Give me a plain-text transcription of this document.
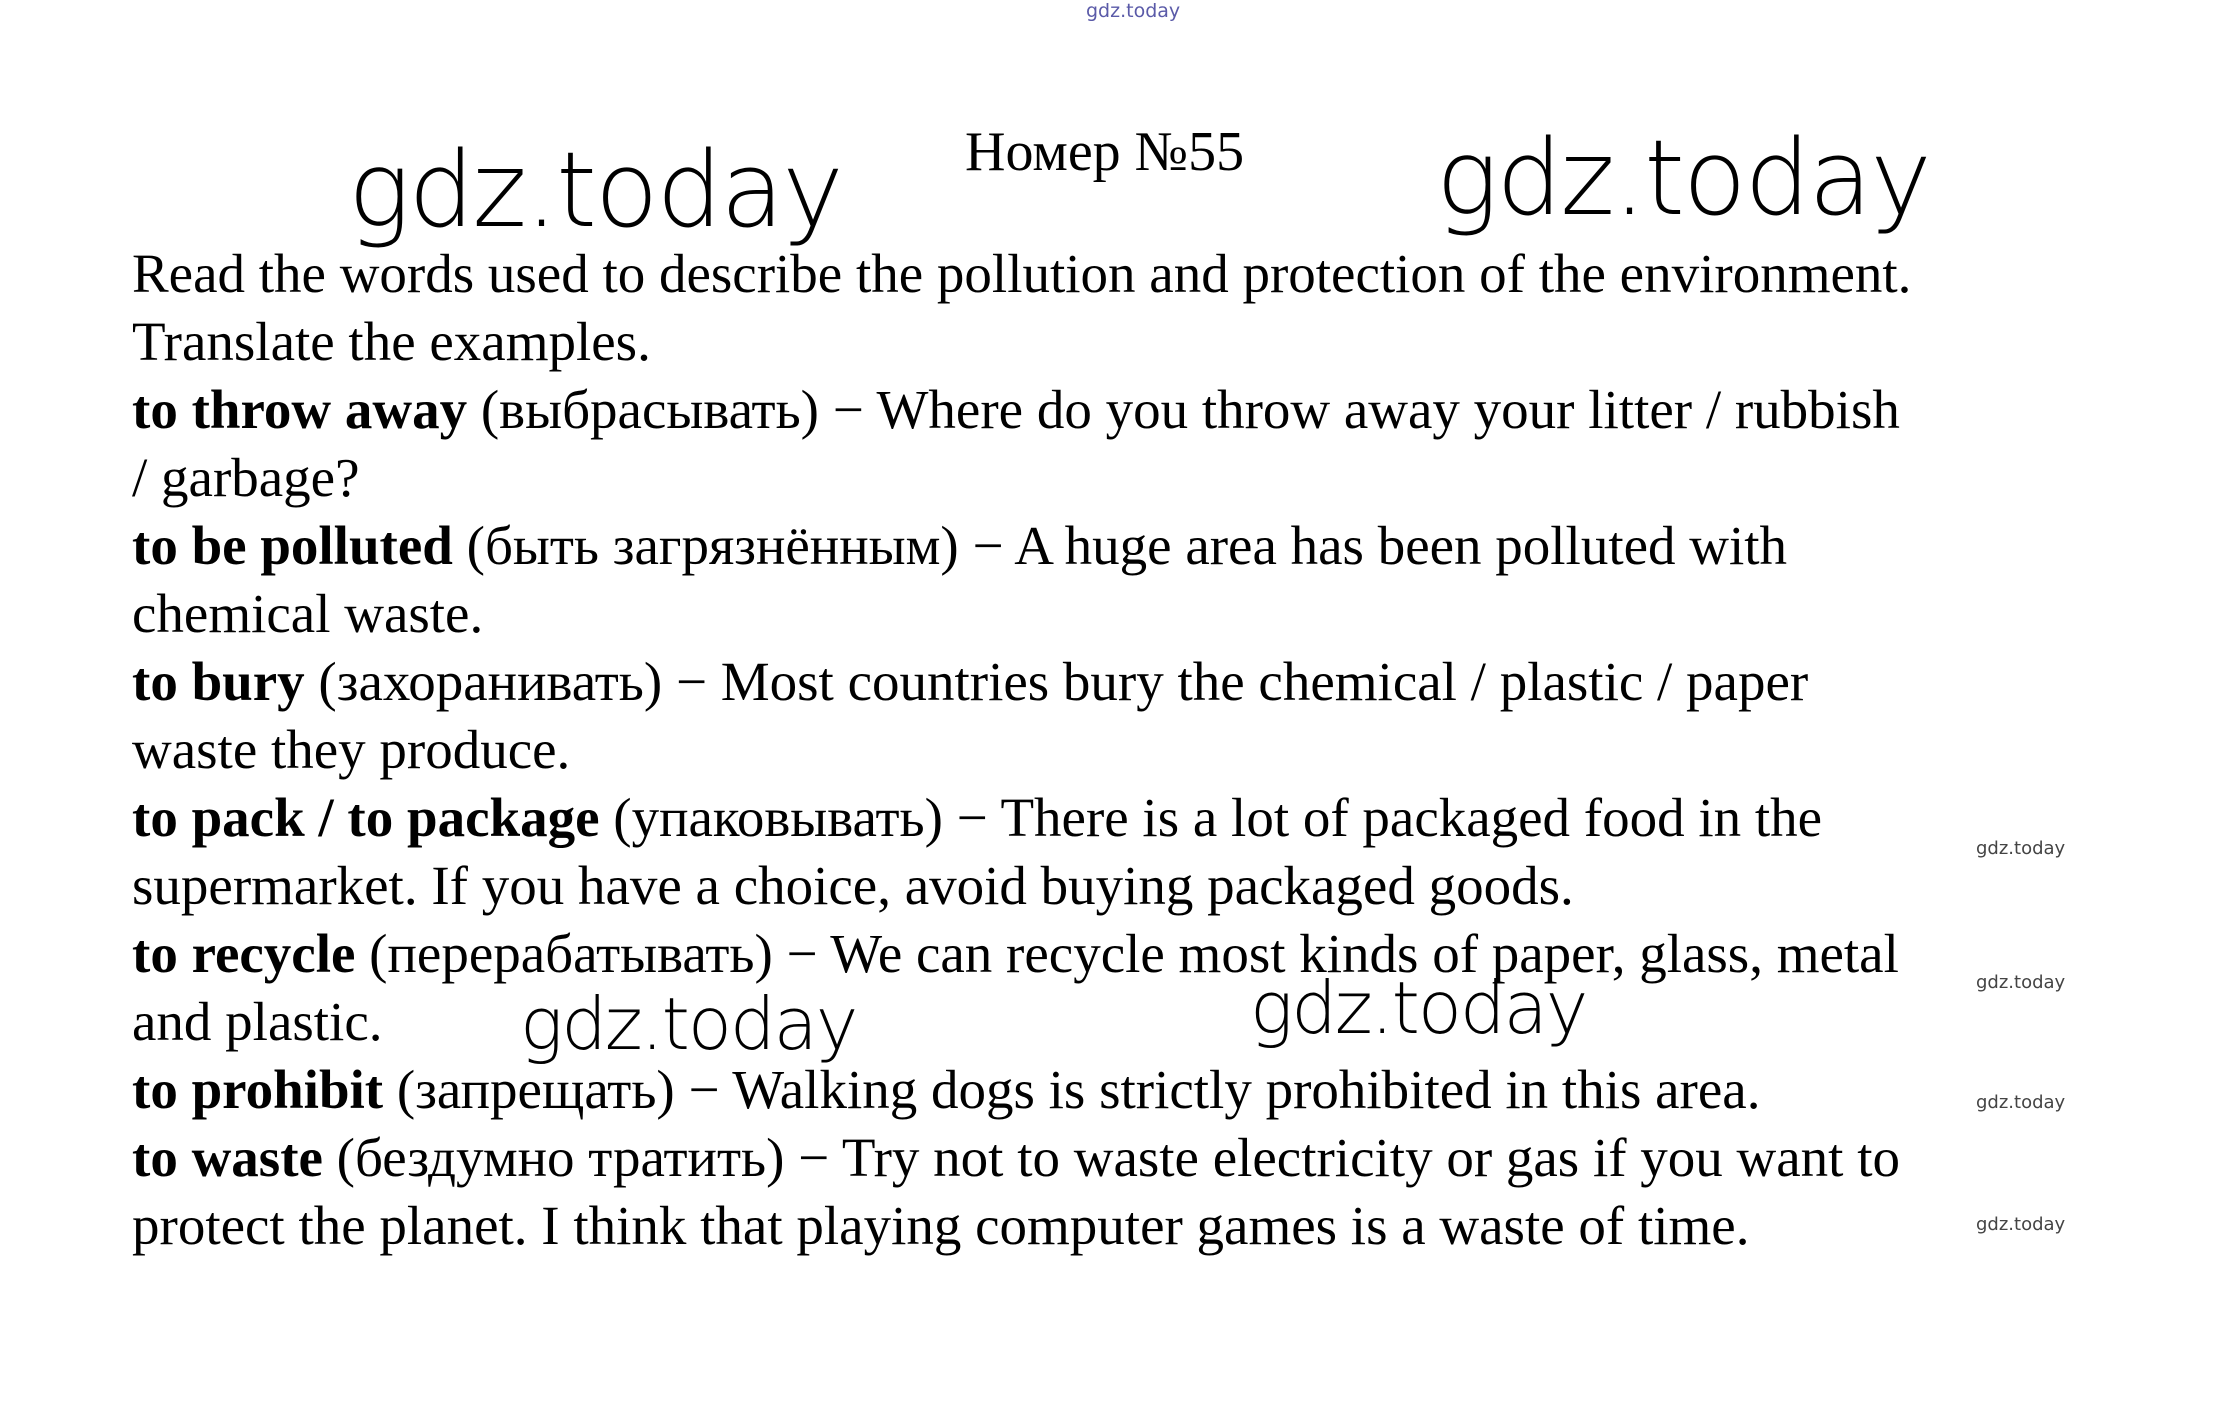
gdz.today
gdz.today	gdz.today
gdz.today	gdz.today
gdz.today
gdz.today
gdz.today
gdz.today
Номер №55
Read the words used to describe the pollution and protection of the environment.
Translate the examples.
to throw away (выбрасывать) − Where do you throw away your litter / rubbish
/ garbage?
to be polluted (быть загрязнённым) − A huge area has been polluted with
chemical waste.
to bury (захоранивать) − Most countries bury the chemical / plastic / paper
waste they produce.
to pack / to package (упаковывать) − There is a lot of packaged food in the
supermarket. If you have a choice, avoid buying packaged goods.
to recycle (перерабатывать) − We can recycle most kinds of paper, glass, metal
and plastic.
to prohibit (запрещать) − Walking dogs is strictly prohibited in this area.
to waste (бездумно тратить) − Try not to waste electricity or gas if you want to
protect the planet. I think that playing computer games is a waste of time.
